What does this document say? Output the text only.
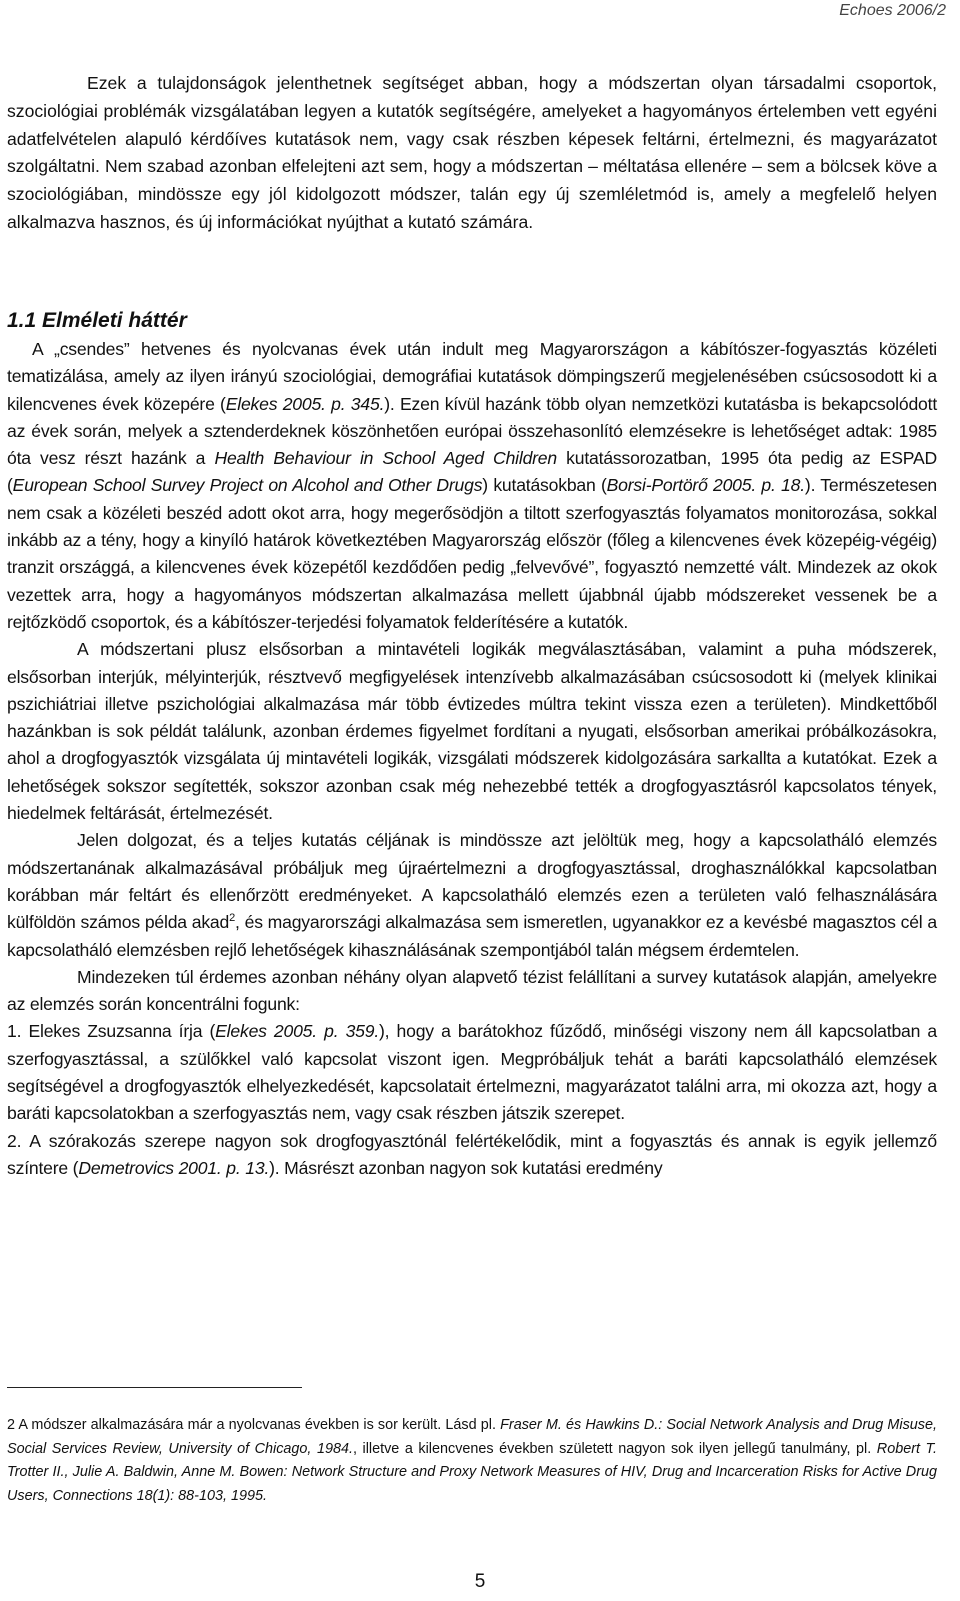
Echoes 2006/2

Ezek a tulajdonságok jelenthetnek segítséget abban, hogy a módszertan olyan társadalmi csoportok, szociológiai problémák vizsgálatában legyen a kutatók segítségére, amelyeket a hagyományos értelemben vett egyéni adatfelvételen alapuló kérdőíves kutatások nem, vagy csak részben képesek feltárni, értelmezni, és magyarázatot szolgáltatni. Nem szabad azonban elfelejteni azt sem, hogy a módszertan – méltatása ellenére – sem a bölcsek köve a szociológiában, mindössze egy jól kidolgozott módszer, talán egy új szemléletmód is, amely a megfelelő helyen alkalmazva hasznos, és új információkat nyújthat a kutató számára.

1.1 Elméleti háttér

A „csendes” hetvenes és nyolcvanas évek után indult meg Magyarországon a kábítószer-fogyasztás közéleti tematizálása, amely az ilyen irányú szociológiai, demográfiai kutatások dömpingszerű megjelenésében csúcsosodott ki a kilencvenes évek közepére (Elekes 2005. p. 345.). Ezen kívül hazánk több olyan nemzetközi kutatásba is bekapcsolódott az évek során, melyek a sztenderdeknek köszönhetően európai összehasonlító elemzésekre is lehetőséget adtak: 1985 óta vesz részt hazánk a Health Behaviour in School Aged Children kutatássorozatban, 1995 óta pedig az ESPAD (European School Survey Project on Alcohol and Other Drugs) kutatásokban (Borsi-Portörő 2005. p. 18.). Természetesen nem csak a közéleti beszéd adott okot arra, hogy megerősödjön a tiltott szerfogyasztás folyamatos monitorozása, sokkal inkább az a tény, hogy a kinyíló határok következtében Magyarország először (főleg a kilencvenes évek közepéig-végéig) tranzit országgá, a kilencvenes évek közepétől kezdődően pedig „felvevővé”, fogyasztó nemzetté vált. Mindezek az okok vezettek arra, hogy a hagyományos módszertan alkalmazása mellett újabbnál újabb módszereket vessenek be a rejtőzködő csoportok, és a kábítószer-terjedési folyamatok felderítésére a kutatók.

A módszertani plusz elsősorban a mintavételi logikák megválasztásában, valamint a puha módszerek, elsősorban interjúk, mélyinterjúk, résztvevő megfigyelések intenzívebb alkalmazásában csúcsosodott ki (melyek klinikai pszichiátriai illetve pszichológiai alkalmazása már több évtizedes múltra tekint vissza ezen a területen). Mindkettőből hazánkban is sok példát találunk, azonban érdemes figyelmet fordítani a nyugati, elsősorban amerikai próbálkozásokra, ahol a drogfogyasztók vizsgálata új mintavételi logikák, vizsgálati módszerek kidolgozására sarkallta a kutatókat. Ezek a lehetőségek sokszor segítették, sokszor azonban csak még nehezebbé tették a drogfogyasztásról kapcsolatos tények, hiedelmek feltárását, értelmezését.

Jelen dolgozat, és a teljes kutatás céljának is mindössze azt jelöltük meg, hogy a kapcsolatháló elemzés módszertanának alkalmazásával próbáljuk meg újraértelmezni a drogfogyasztással, droghasználókkal kapcsolatban korábban már feltárt és ellenőrzött eredményeket. A kapcsolatháló elemzés ezen a területen való felhasználására külföldön számos példa akad$^2$, és magyarországi alkalmazása sem ismeretlen, ugyanakkor ez a kevésbé magasztos cél a kapcsolatháló elemzésben rejlő lehetőségek kihasználásának szempontjából talán mégsem érdemtelen.

Mindezeken túl érdemes azonban néhány olyan alapvető tézist felállítani a survey kutatások alapján, amelyekre az elemzés során koncentrálni fogunk:

1. Elekes Zsuzsanna írja (Elekes 2005. p. 359.), hogy a barátokhoz fűződő, minőségi viszony nem áll kapcsolatban a szerfogyasztással, a szülőkkel való kapcsolat viszont igen. Megpróbáljuk tehát a baráti kapcsolatháló elemzések segítségével a drogfogyasztók elhelyezkedését, kapcsolatait értelmezni, magyarázatot találni arra, mi okozza azt, hogy a baráti kapcsolatokban a szerfogyasztás nem, vagy csak részben játszik szerepet.

2. A szórakozás szerepe nagyon sok drogfogyasztónál felértékelődik, mint a fogyasztás és annak is egyik jellemző színtere (Demetrovics 2001. p. 13.). Másrészt azonban nagyon sok kutatási eredmény

2 A módszer alkalmazására már a nyolcvanas években is sor került. Lásd pl. Fraser M. és Hawkins D.: Social Network Analysis and Drug Misuse, Social Services Review, University of Chicago, 1984., illetve a kilencvenes években született nagyon sok ilyen jellegű tanulmány, pl. Robert T. Trotter II., Julie A. Baldwin, Anne M. Bowen: Network Structure and Proxy Network Measures of HIV, Drug and Incarceration Risks for Active Drug Users, Connections 18(1): 88-103, 1995.

5
